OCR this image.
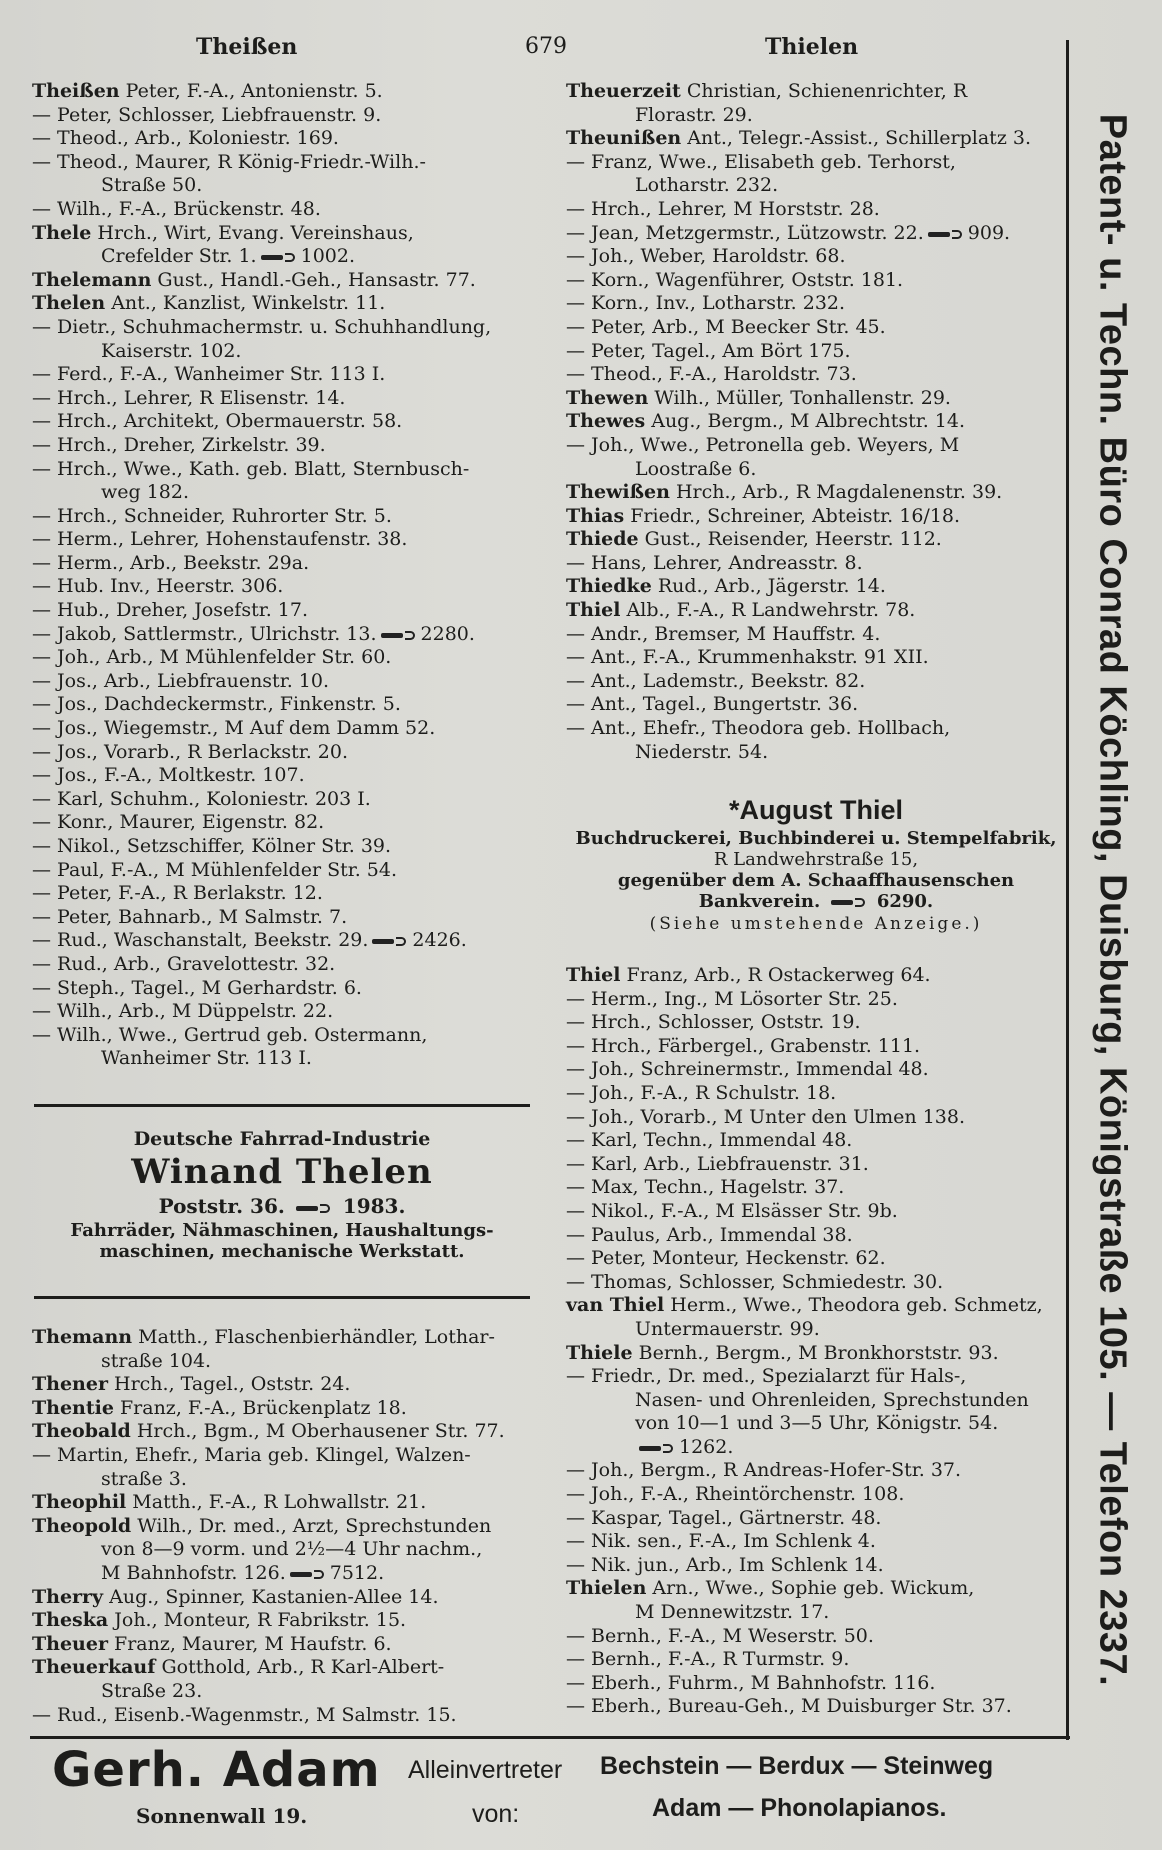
Theißen	679	Thielen
Theißen Peter, F.-A., Antonienstr. 5.
— Peter, Schlosser, Liebfrauenstr. 9.
— Theod., Arb., Koloniestr. 169.
— Theod., Maurer, R König-Friedr.-Wilh.-
Straße 50.
— Wilh., F.-A., Brückenstr. 48.
Thele Hrch., Wirt, Evang. Vereinshaus,
Crefelder Str. 1. 1002.
Thelemann Gust., Handl.-Geh., Hansastr. 77.
Thelen Ant., Kanzlist, Winkelstr. 11.
— Dietr., Schuhmachermstr. u. Schuhhandlung,
Kaiserstr. 102.
— Ferd., F.-A., Wanheimer Str. 113 I.
— Hrch., Lehrer, R Elisenstr. 14.
— Hrch., Architekt, Obermauerstr. 58.
— Hrch., Dreher, Zirkelstr. 39.
— Hrch., Wwe., Kath. geb. Blatt, Sternbusch-
weg 182.
— Hrch., Schneider, Ruhrorter Str. 5.
— Herm., Lehrer, Hohenstaufenstr. 38.
— Herm., Arb., Beekstr. 29a.
— Hub. Inv., Heerstr. 306.
— Hub., Dreher, Josefstr. 17.
— Jakob, Sattlermstr., Ulrichstr. 13. 2280.
— Joh., Arb., M Mühlenfelder Str. 60.
— Jos., Arb., Liebfrauenstr. 10.
— Jos., Dachdeckermstr., Finkenstr. 5.
— Jos., Wiegemstr., M Auf dem Damm 52.
— Jos., Vorarb., R Berlackstr. 20.
— Jos., F.-A., Moltkestr. 107.
— Karl, Schuhm., Koloniestr. 203 I.
— Konr., Maurer, Eigenstr. 82.
— Nikol., Setzschiffer, Kölner Str. 39.
— Paul, F.-A., M Mühlenfelder Str. 54.
— Peter, F.-A., R Berlakstr. 12.
— Peter, Bahnarb., M Salmstr. 7.
— Rud., Waschanstalt, Beekstr. 29. 2426.
— Rud., Arb., Gravelottestr. 32.
— Steph., Tagel., M Gerhardstr. 6.
— Wilh., Arb., M Düppelstr. 22.
— Wilh., Wwe., Gertrud geb. Ostermann,
Wanheimer Str. 113 I.
Deutsche Fahrrad-Industrie
Winand Thelen
Poststr. 36.	1983.
Fahrräder, Nähmaschinen, Haushaltungs-
maschinen, mechanische Werkstatt.
Themann Matth., Flaschenbierhändler, Lothar-
straße 104.
Thener Hrch., Tagel., Oststr. 24.
Thentie Franz, F.-A., Brückenplatz 18.
Theobald Hrch., Bgm., M Oberhausener Str. 77.
— Martin, Ehefr., Maria geb. Klingel, Walzen-
straße 3.
Theophil Matth., F.-A., R Lohwallstr. 21.
Theopold Wilh., Dr. med., Arzt, Sprechstunden
von 8—9 vorm. und 2½—4 Uhr nachm.,
M Bahnhofstr. 126. 7512.
Therry Aug., Spinner, Kastanien-Allee 14.
Theska Joh., Monteur, R Fabrikstr. 15.
Theuer Franz, Maurer, M Haufstr. 6.
Theuerkauf Gotthold, Arb., R Karl-Albert-
Straße 23.
— Rud., Eisenb.-Wagenmstr., M Salmstr. 15.
Theuerzeit Christian, Schienenrichter, R
Florastr. 29.
Theunißen Ant., Telegr.-Assist., Schillerplatz 3.
— Franz, Wwe., Elisabeth geb. Terhorst,
Lotharstr. 232.
— Hrch., Lehrer, M Horststr. 28.
— Jean, Metzgermstr., Lützowstr. 22. 909.
— Joh., Weber, Haroldstr. 68.
— Korn., Wagenführer, Oststr. 181.
— Korn., Inv., Lotharstr. 232.
— Peter, Arb., M Beecker Str. 45.
— Peter, Tagel., Am Bört 175.
— Theod., F.-A., Haroldstr. 73.
Thewen Wilh., Müller, Tonhallenstr. 29.
Thewes Aug., Bergm., M Albrechtstr. 14.
— Joh., Wwe., Petronella geb. Weyers, M
Loostraße 6.
Thewißen Hrch., Arb., R Magdalenenstr. 39.
Thias Friedr., Schreiner, Abteistr. 16/18.
Thiede Gust., Reisender, Heerstr. 112.
— Hans, Lehrer, Andreasstr. 8.
Thiedke Rud., Arb., Jägerstr. 14.
Thiel Alb., F.-A., R Landwehrstr. 78.
— Andr., Bremser, M Hauffstr. 4.
— Ant., F.-A., Krummenhakstr. 91 XII.
— Ant., Lademstr., Beekstr. 82.
— Ant., Tagel., Bungertstr. 36.
— Ant., Ehefr., Theodora geb. Hollbach,
Niederstr. 54.
*August Thiel
Buchdruckerei, Buchbinderei u. Stempelfabrik,
R Landwehrstraße 15,
gegenüber dem A. Schaaffhausenschen
Bankverein.	6290.
(Siehe umstehende Anzeige.)
Thiel Franz, Arb., R Ostackerweg 64.
— Herm., Ing., M Lösorter Str. 25.
— Hrch., Schlosser, Oststr. 19.
— Hrch., Färbergel., Grabenstr. 111.
— Joh., Schreinermstr., Immendal 48.
— Joh., F.-A., R Schulstr. 18.
— Joh., Vorarb., M Unter den Ulmen 138.
— Karl, Techn., Immendal 48.
— Karl, Arb., Liebfrauenstr. 31.
— Max, Techn., Hagelstr. 37.
— Nikol., F.-A., M Elsässer Str. 9b.
— Paulus, Arb., Immendal 38.
— Peter, Monteur, Heckenstr. 62.
— Thomas, Schlosser, Schmiedestr. 30.
van Thiel Herm., Wwe., Theodora geb. Schmetz,
Untermauerstr. 99.
Thiele Bernh., Bergm., M Bronkhorststr. 93.
— Friedr., Dr. med., Spezialarzt für Hals-,
Nasen- und Ohrenleiden, Sprechstunden
von 10—1 und 3—5 Uhr, Königstr. 54.
1262.
— Joh., Bergm., R Andreas-Hofer-Str. 37.
— Joh., F.-A., Rheintörchenstr. 108.
— Kaspar, Tagel., Gärtnerstr. 48.
— Nik. sen., F.-A., Im Schlenk 4.
— Nik. jun., Arb., Im Schlenk 14.
Thielen Arn., Wwe., Sophie geb. Wickum,
M Dennewitzstr. 17.
— Bernh., F.-A., M Weserstr. 50.
— Bernh., F.-A., R Turmstr. 9.
— Eberh., Fuhrm., M Bahnhofstr. 116.
— Eberh., Bureau-Geh., M Duisburger Str. 37.
Patent- u. Techn. Büro Conrad Köchling, Duisburg, Königstraße 105. — Telefon 2337.
Gerh. Adam
Sonnenwall 19.
Alleinvertreter
von:
Bechstein — Berdux — Steinweg
Adam — Phonolapianos.
